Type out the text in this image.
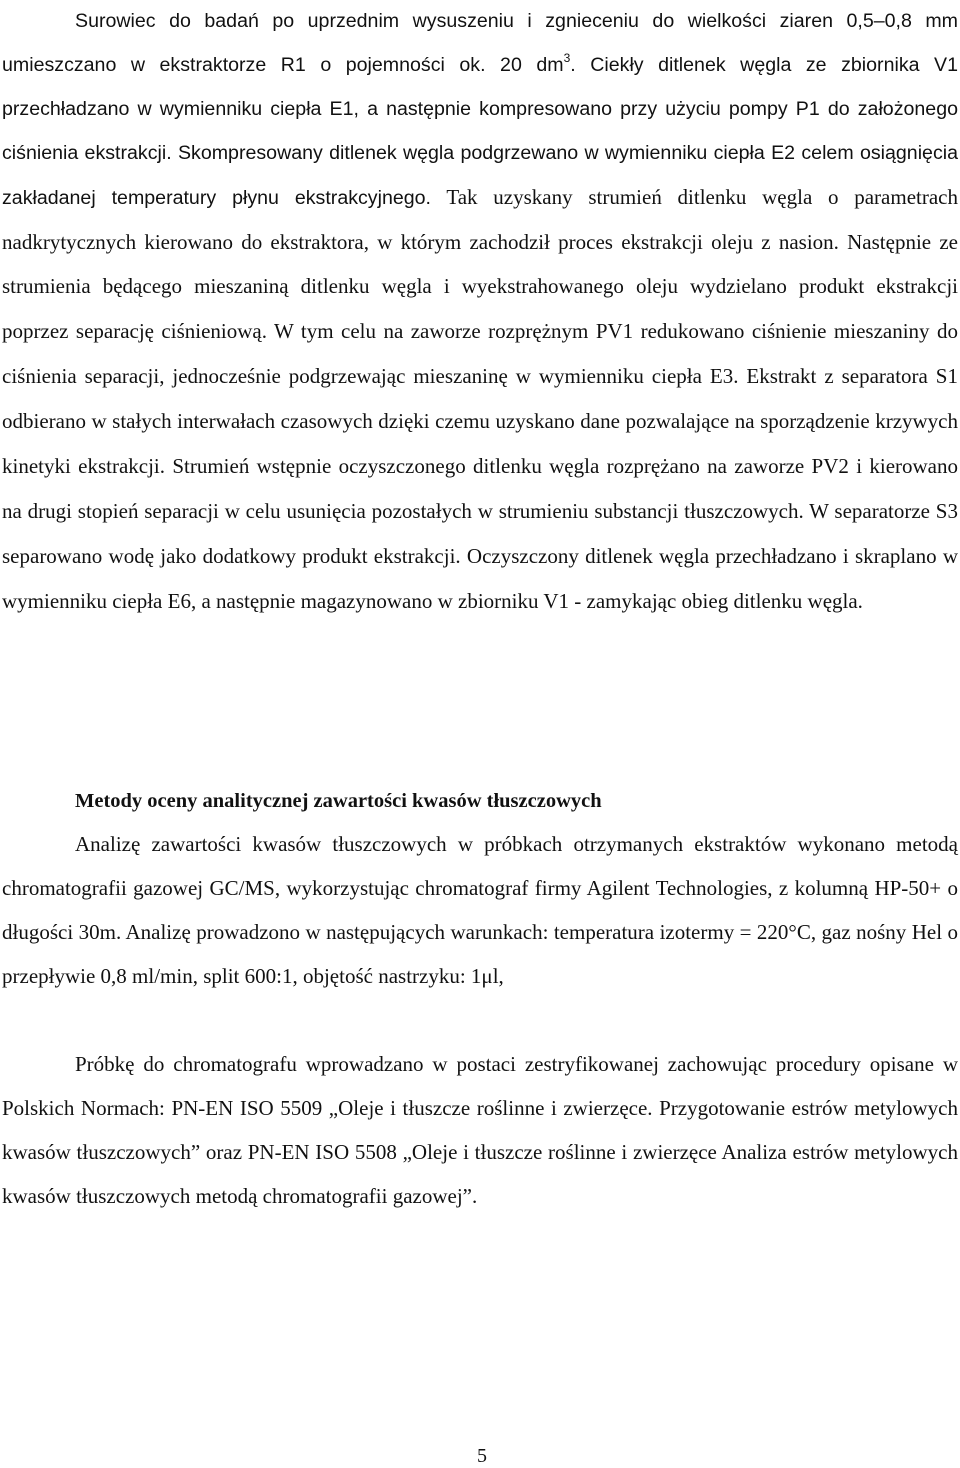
Surowiec do badań po uprzednim wysuszeniu i zgnieceniu do wielkości ziaren 0,5–0,8 mm umieszczano w ekstraktorze R1 o pojemności ok. 20 $dm^3$. Ciekły ditlenek węgla ze zbiornika V1 przechładzano w wymienniku ciepła E1, a następnie kompresowano przy użyciu pompy P1 do założonego ciśnienia ekstrakcji. Skompresowany ditlenek węgla podgrzewano w wymienniku ciepła E2 celem osiągnięcia zakładanej temperatury płynu ekstrakcyjnego. Tak uzyskany strumień ditlenku węgla o parametrach nadkrytycznych kierowano do ekstraktora, w którym zachodził proces ekstrakcji oleju z nasion. Następnie ze strumienia będącego mieszaniną ditlenku węgla i wyekstrahowanego oleju wydzielano produkt ekstrakcji poprzez separację ciśnieniową. W tym celu na zaworze rozprężnym PV1 redukowano ciśnienie mieszaniny do ciśnienia separacji, jednocześnie podgrzewając mieszaninę w wymienniku ciepła E3. Ekstrakt z separatora S1 odbierano w stałych interwałach czasowych dzięki czemu uzyskano dane pozwalające na sporządzenie krzywych kinetyki ekstrakcji. Strumień wstępnie oczyszczonego ditlenku węgla rozprężano na zaworze PV2 i kierowano na drugi stopień separacji w celu usunięcia pozostałych w strumieniu substancji tłuszczowych. W separatorze S3 separowano wodę jako dodatkowy produkt ekstrakcji. Oczyszczony ditlenek węgla przechładzano i skraplano w wymienniku ciepła E6, a następnie magazynowano w zbiorniku V1 - zamykając obieg ditlenku węgla.

Metody oceny analitycznej zawartości kwasów tłuszczowych

Analizę zawartości kwasów tłuszczowych w próbkach otrzymanych ekstraktów wykonano metodą chromatografii gazowej GC/MS, wykorzystując chromatograf firmy Agilent Technologies, z kolumną HP-50+ o długości 30m. Analizę prowadzono w następujących warunkach: temperatura izotermy = 220°C, gaz nośny Hel o przepływie 0,8 ml/min, split 600:1, objętość nastrzyku: 1μl,

Próbkę do chromatografu wprowadzano w postaci zestryfikowanej zachowując procedury opisane w Polskich Normach: PN-EN ISO 5509 „Oleje i tłuszcze roślinne i zwierzęce. Przygotowanie estrów metylowych kwasów tłuszczowych” oraz PN-EN ISO 5508 „Oleje i tłuszcze roślinne i zwierzęce Analiza estrów metylowych kwasów tłuszczowych metodą chromatografii gazowej”.

5
